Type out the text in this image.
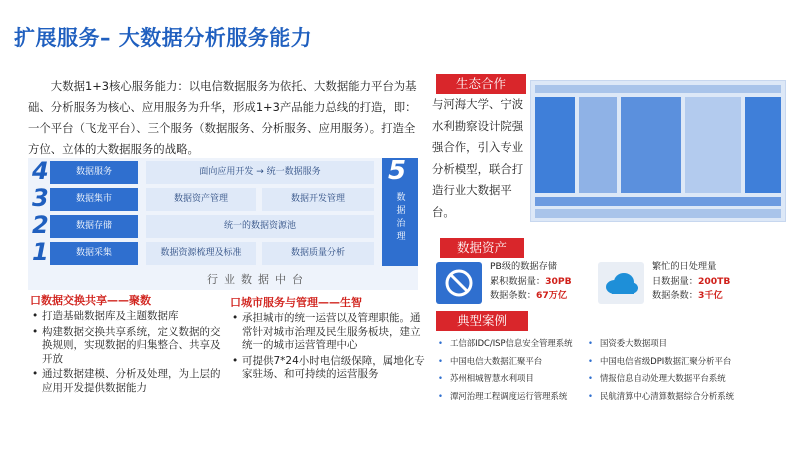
扩展服务– 大数据分析服务能力
大数据1+3核心服务能力：以电信数据服务为依托、大数据能力平台为基础、分析服务为核心、应用服务为升华，形成1+3产品能力总线的打造，即：一个平台（飞龙平台）、三个服务（数据服务、分析服务、应用服务）。打造全方位、立体的大数据服务的战略。
4	数据服务	面向应用开发 → 统一数据服务
3	数据集市	数据资产管理	数据开发管理
2	数据存储	统一的数据资源池
1	数据采集	数据资源梳理及标准	数据质量分析
5
数据治理
行业数据中台
口数据交换共享——聚数
• 打造基础数据库及主题数据库
• 构建数据交换共享系统，定义数据的交换规则，实现数据的归集整合、共享及开放
• 通过数据建模、分析及处理，为上层的应用开发提供数据能力
口城市服务与管理——生智
• 承担城市的统一运营以及管理职能。通常针对城市治理及民生服务板块，建立统一的城市运营管理中心
• 可提供7*24小时电信级保障，属地化专家驻场、和可持续的运营服务
生态合作
与河海大学、宁波水利勘察设计院强强合作，引入专业分析模型，联合打造行业大数据平台。
数据资产
PB级的数据存储
累积数据量：30PB
数据条数：67万亿
繁忙的日处理量
日数据量：200TB
数据条数：3千亿
典型案例
• 工信部IDC/ISP信息安全管理系统
• 中国电信大数据汇聚平台
• 苏州相城智慧水利项目
• 潭河治理工程调度运行管理系统
• 国资委大数据项目
• 中国电信省级DPI数据汇聚分析平台
• 情报信息自动处理大数据平台系统
• 民航清算中心清算数据综合分析系统
